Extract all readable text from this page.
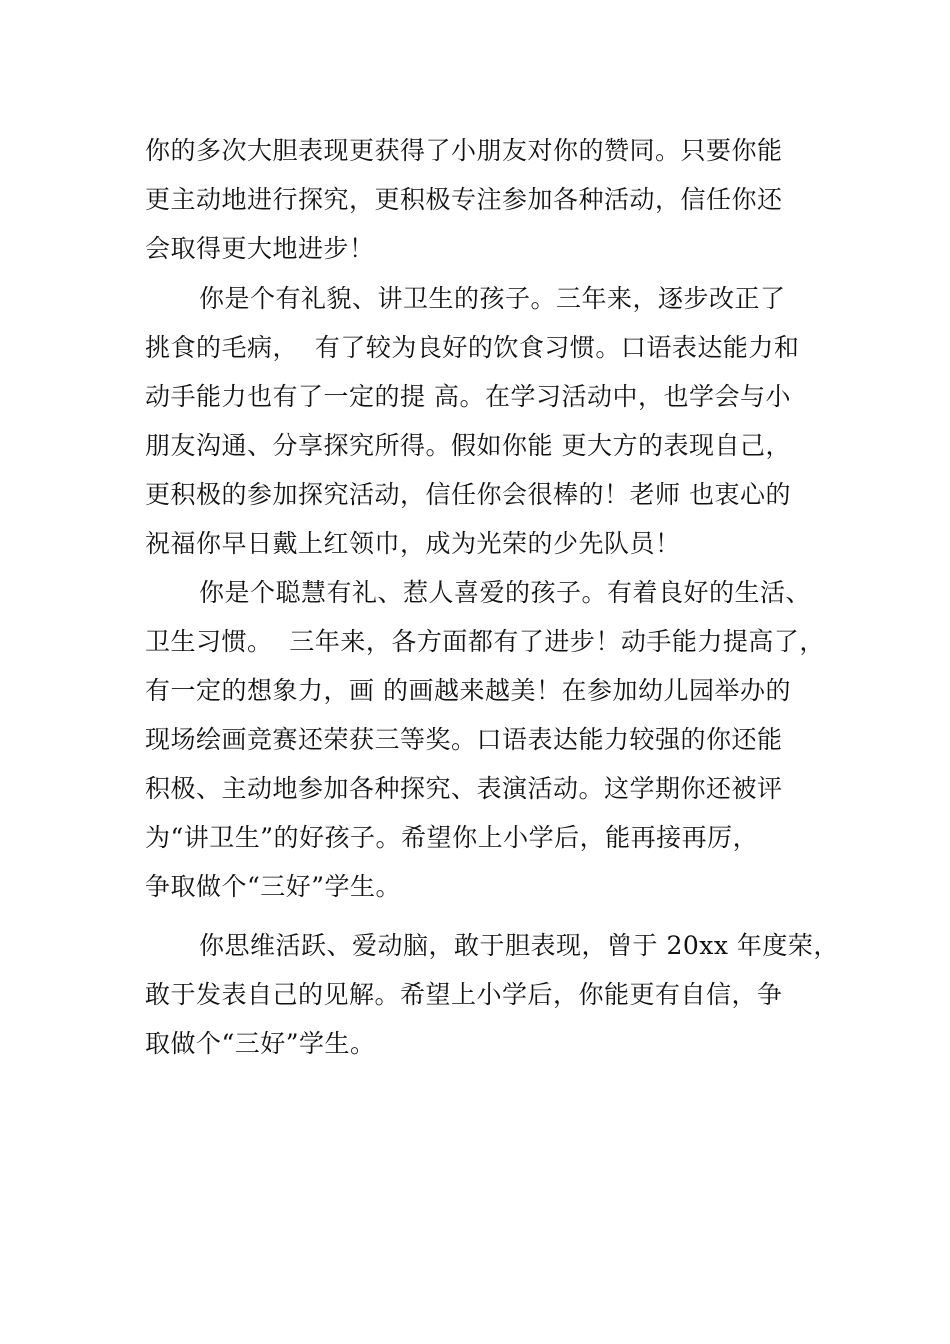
你的多次大胆表现更获得了小朋友对你的赞同。只要你能
更主动地进行探究，更积极专注参加各种活动，信任你还
会取得更大地进步！
你是个有礼貌、讲卫生的孩子。三年来，逐步改正了
挑食的毛病，  有了较为良好的饮食习惯。口语表达能力和
动手能力也有了一定的提 高。在学习活动中，也学会与小
朋友沟通、分享探究所得。假如你能 更大方的表现自己，
更积极的参加探究活动，信任你会很棒的！老师 也衷心的
祝福你早日戴上红领巾，成为光荣的少先队员！
你是个聪慧有礼、惹人喜爱的孩子。有着良好的生活、
卫生习惯。  三年来，各方面都有了进步！动手能力提高了，
有一定的想象力，画 的画越来越美！在参加幼儿园举办的
现场绘画竞赛还荣获三等奖。口语表达能力较强的你还能
积极、主动地参加各种探究、表演活动。这学期你还被评
为“讲卫生”的好孩子。希望你上小学后，能再接再厉，
争取做个“三好”学生。
你思维活跃、爱动脑，敢于胆表现，曾于 20xx 年度荣，
敢于发表自己的见解。希望上小学后，你能更有自信，争
取做个“三好”学生。
